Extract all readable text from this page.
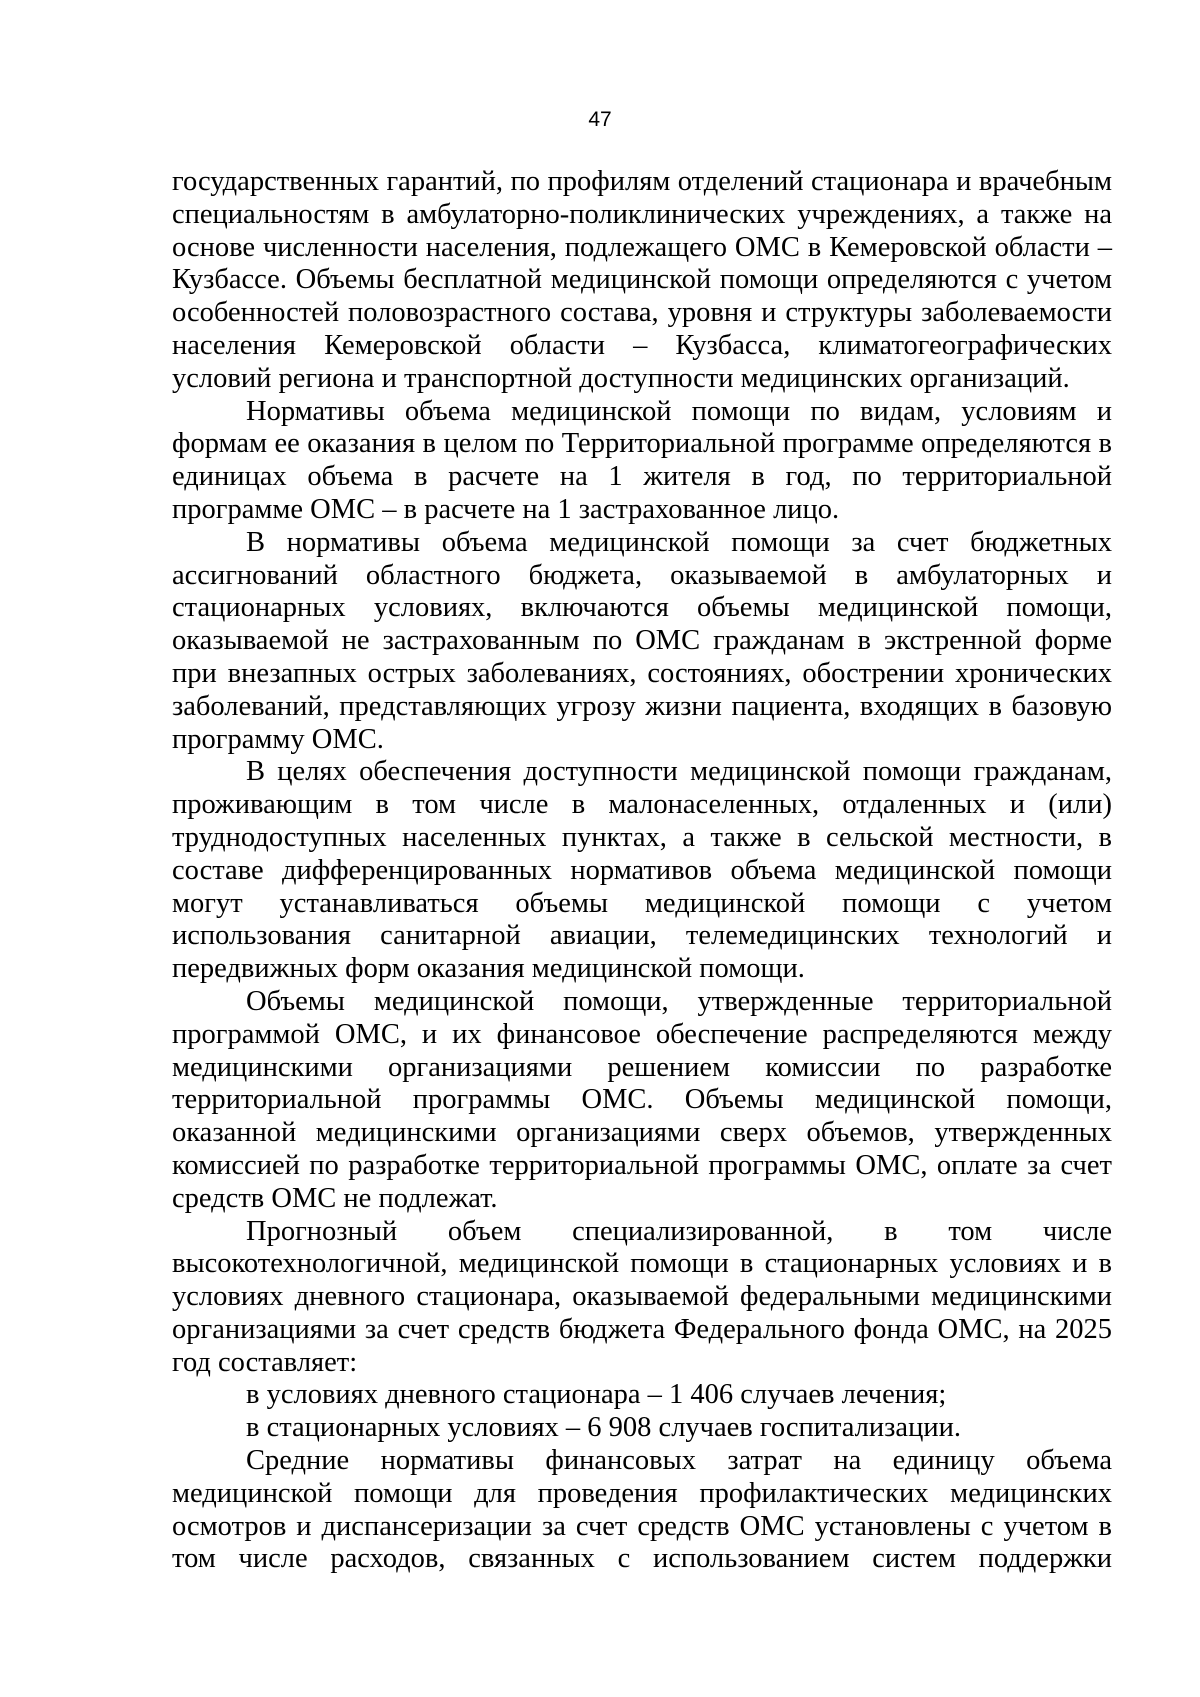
47

государственных гарантий, по профилям отделений стационара и врачебным специальностям в амбулаторно-поликлинических учреждениях, а также на основе численности населения, подлежащего ОМС в Кемеровской области – Кузбассе. Объемы бесплатной медицинской помощи определяются с учетом особенностей половозрастного состава, уровня и структуры заболеваемости населения Кемеровской области – Кузбасса, климатогеографических условий региона и транспортной доступности медицинских организаций.

Нормативы объема медицинской помощи по видам, условиям и формам ее оказания в целом по Территориальной программе определяются в единицах объема в расчете на 1 жителя в год, по территориальной программе ОМС – в расчете на 1 застрахованное лицо.

В нормативы объема медицинской помощи за счет бюджетных ассигнований областного бюджета, оказываемой в амбулаторных и стационарных условиях, включаются объемы медицинской помощи, оказываемой не застрахованным по ОМС гражданам в экстренной форме при внезапных острых заболеваниях, состояниях, обострении хронических заболеваний, представляющих угрозу жизни пациента, входящих в базовую программу ОМС.

В целях обеспечения доступности медицинской помощи гражданам, проживающим в том числе в малонаселенных, отдаленных и (или) труднодоступных населенных пунктах, а также в сельской местности, в составе дифференцированных нормативов объема медицинской помощи могут устанавливаться объемы медицинской помощи с учетом использования санитарной авиации, телемедицинских технологий и передвижных форм оказания медицинской помощи.

Объемы медицинской помощи, утвержденные территориальной программой ОМС, и их финансовое обеспечение распределяются между медицинскими организациями решением комиссии по разработке территориальной программы ОМС. Объемы медицинской помощи, оказанной медицинскими организациями сверх объемов, утвержденных комиссией по разработке территориальной программы ОМС, оплате за счет средств ОМС не подлежат.

Прогнозный объем специализированной, в том числе высокотехнологичной, медицинской помощи в стационарных условиях и в условиях дневного стационара, оказываемой федеральными медицинскими организациями за счет средств бюджета Федерального фонда ОМС, на 2025 год составляет:

в условиях дневного стационара – 1 406 случаев лечения;

в стационарных условиях – 6 908 случаев госпитализации.

Средние нормативы финансовых затрат на единицу объема медицинской помощи для проведения профилактических медицинских осмотров и диспансеризации за счет средств ОМС установлены с учетом в том числе расходов, связанных с использованием систем поддержки
